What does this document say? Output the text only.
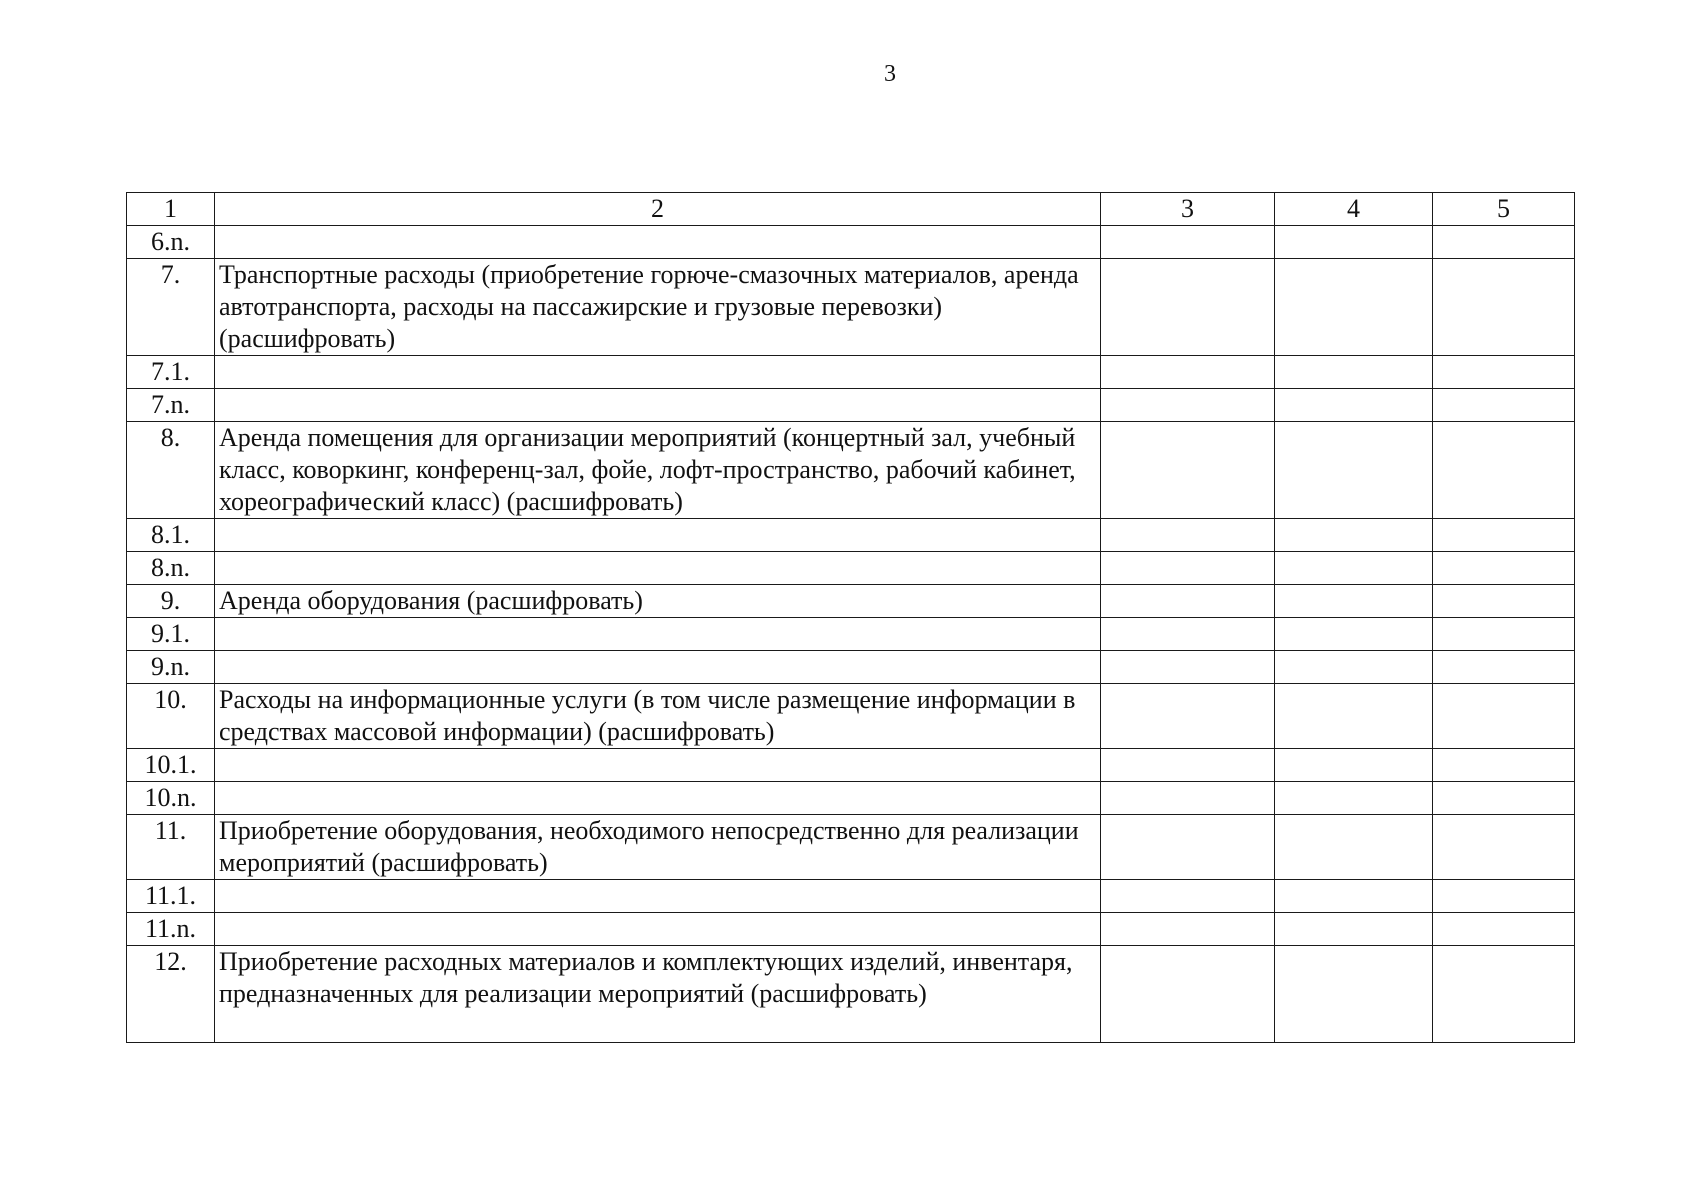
3
1	2	3	4	5
6.n.				
7.	Транспортные расходы (приобретение горюче-смазочных материалов, аренда автотранспорта, расходы на пассажирские и грузовые перевозки) (расшифровать)			
7.1.				
7.n.				
8.	Аренда помещения для организации мероприятий (концертный зал, учебный класс, коворкинг, конференц-зал, фойе, лофт-пространство, рабочий кабинет, хореографический класс) (расшифровать)			
8.1.				
8.n.				
9.	Аренда оборудования (расшифровать)			
9.1.				
9.n.				
10.	Расходы на информационные услуги (в том числе размещение информации в средствах массовой информации) (расшифровать)			
10.1.				
10.n.				
11.	Приобретение оборудования, необходимого непосредственно для реализации мероприятий (расшифровать)			
11.1.				
11.n.				
12.	Приобретение расходных материалов и комплектующих изделий, инвентаря, предназначенных для реализации мероприятий (расшифровать)			
